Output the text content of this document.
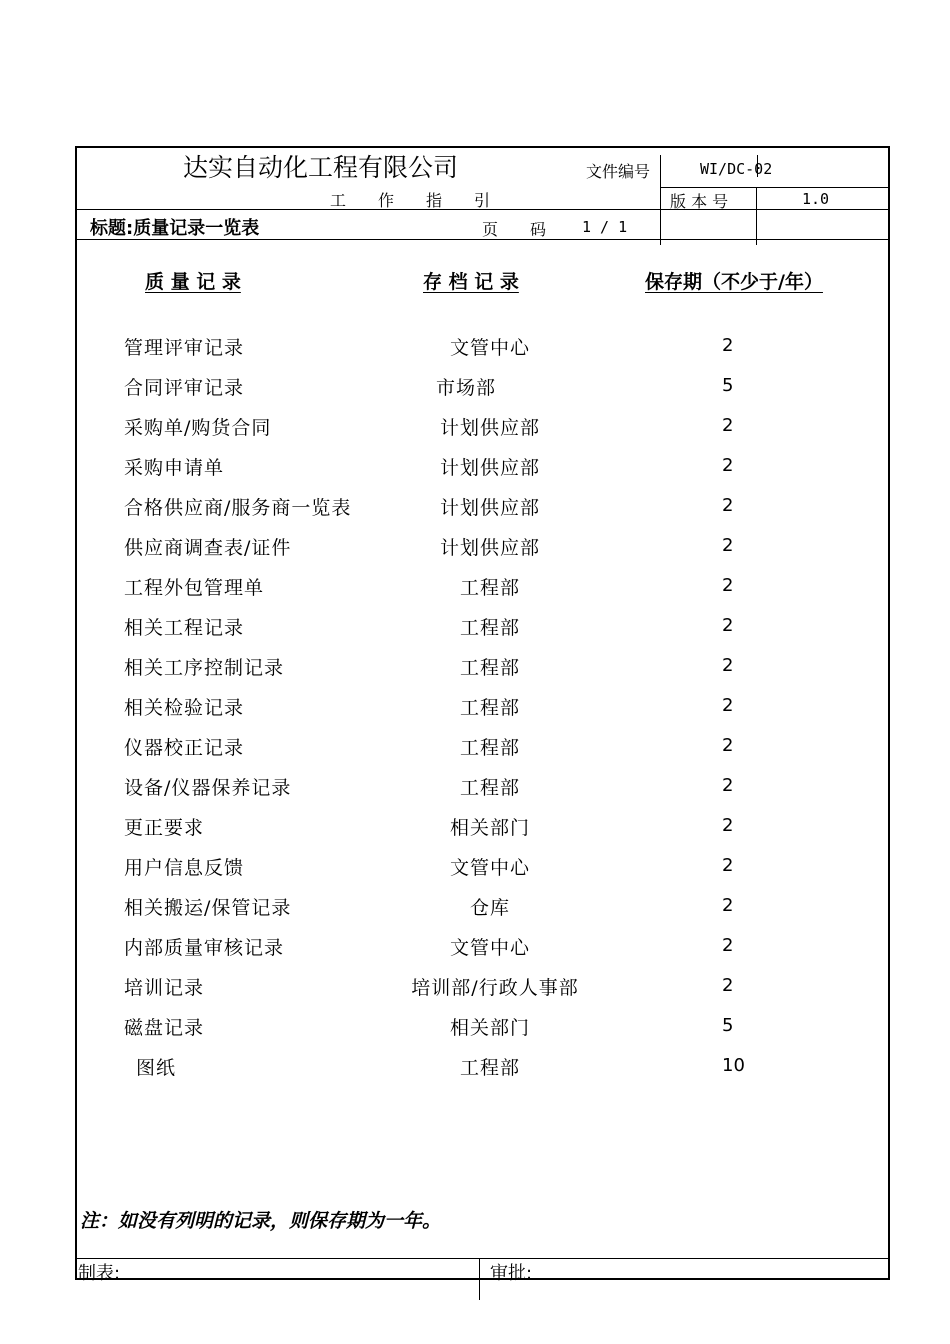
达实自动化工程有限公司	文件编号	WI/DC-02
工　　作　　指　　引	版 本 号	1.0
标题:质量记录一览表	页　　码 1 / 1
质 量 记 录	存 档 记 录	保存期（不少于/年）
管理评审记录	文管中心	2
合同评审记录	市场部	5
采购单/购货合同	计划供应部	2
采购申请单	计划供应部	2
合格供应商/服务商一览表	计划供应部	2
供应商调查表/证件	计划供应部	2
工程外包管理单	工程部	2
相关工程记录	工程部	2
相关工序控制记录	工程部	2
相关检验记录	工程部	2
仪器校正记录	工程部	2
设备/仪器保养记录	工程部	2
更正要求	相关部门	2
用户信息反馈	文管中心	2
相关搬运/保管记录	仓库	2
内部质量审核记录	文管中心	2
培训记录	培训部/行政人事部	2
磁盘记录	相关部门	5
图纸	工程部	10
注：如没有列明的记录，则保存期为一年。
制表:	审批:
